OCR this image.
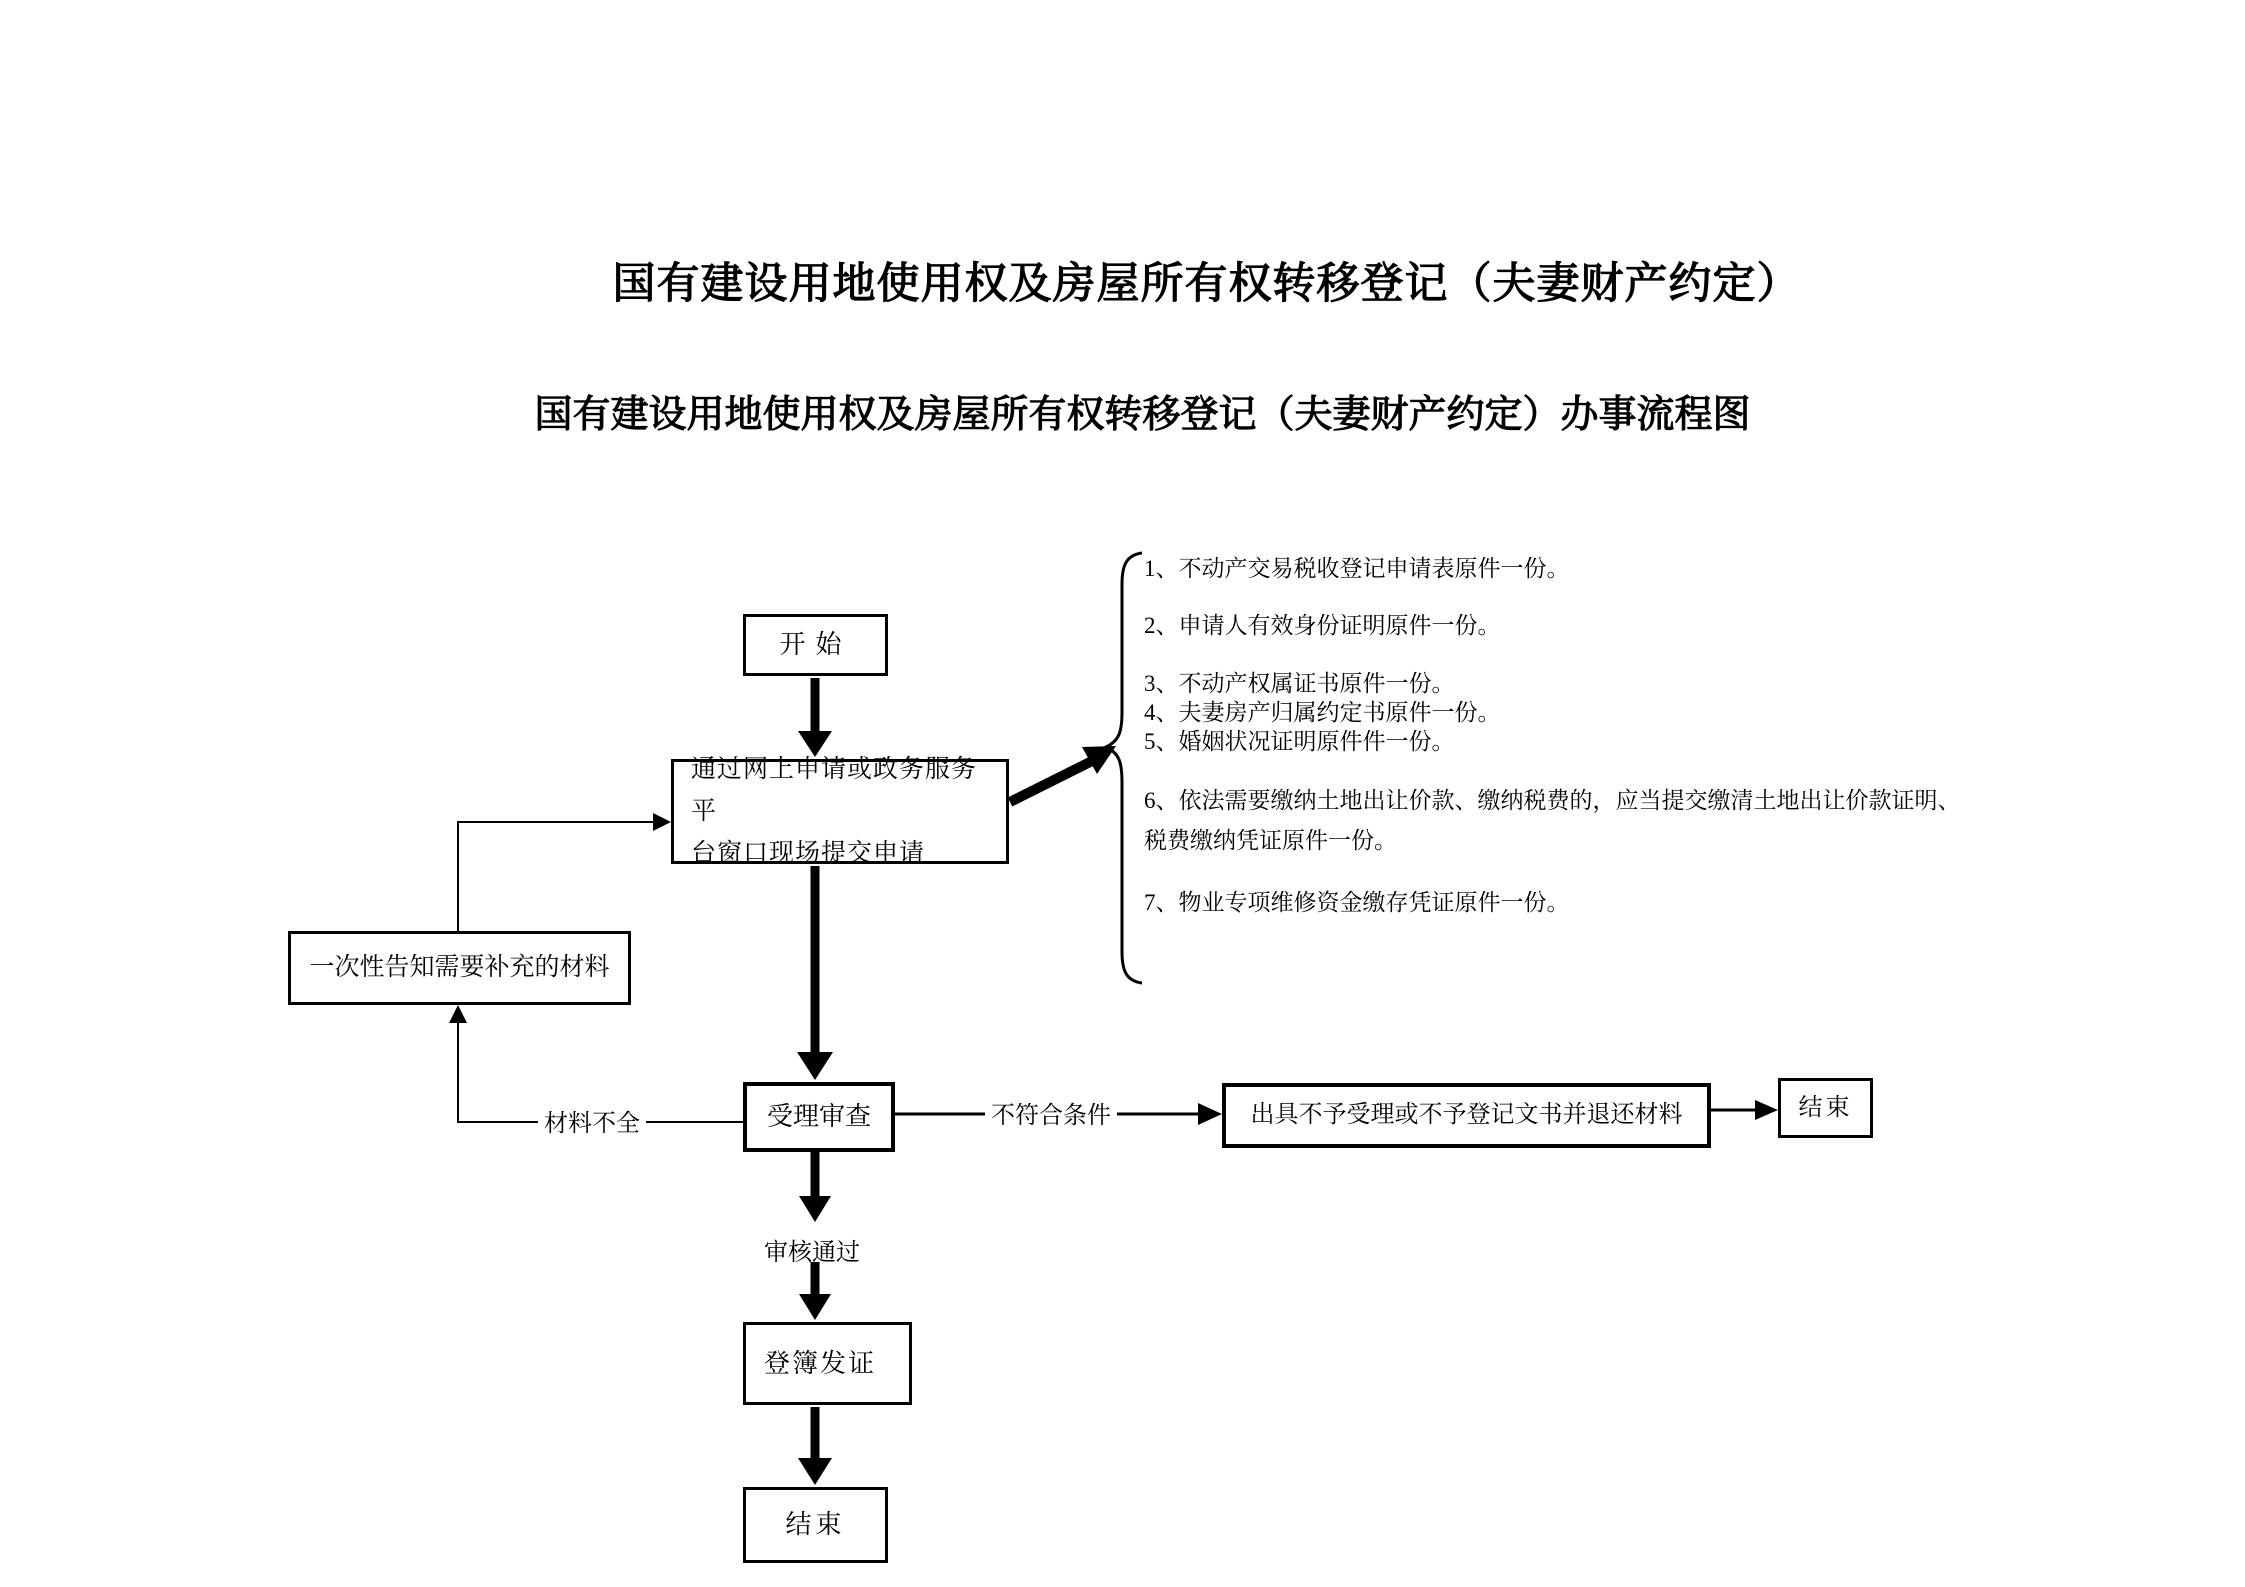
国有建设用地使用权及房屋所有权转移登记（夫妻财产约定）
国有建设用地使用权及房屋所有权转移登记（夫妻财产约定）办事流程图
开始
通过网上申请或政务服务平
台窗口现场提交申请
一次性告知需要补充的材料
受理审查	出具不予受理或不予登记文书并退还材料	结束
登簿发证
结束
材料不全	不符合条件
审核通过
1、不动产交易税收登记申请表原件一份。
2、申请人有效身份证明原件一份。
3、不动产权属证书原件一份。
4、夫妻房产归属约定书原件一份。
5、婚姻状况证明原件件一份。
6、依法需要缴纳土地出让价款、缴纳税费的，应当提交缴清土地出让价款证明、
税费缴纳凭证原件一份。
7、物业专项维修资金缴存凭证原件一份。
